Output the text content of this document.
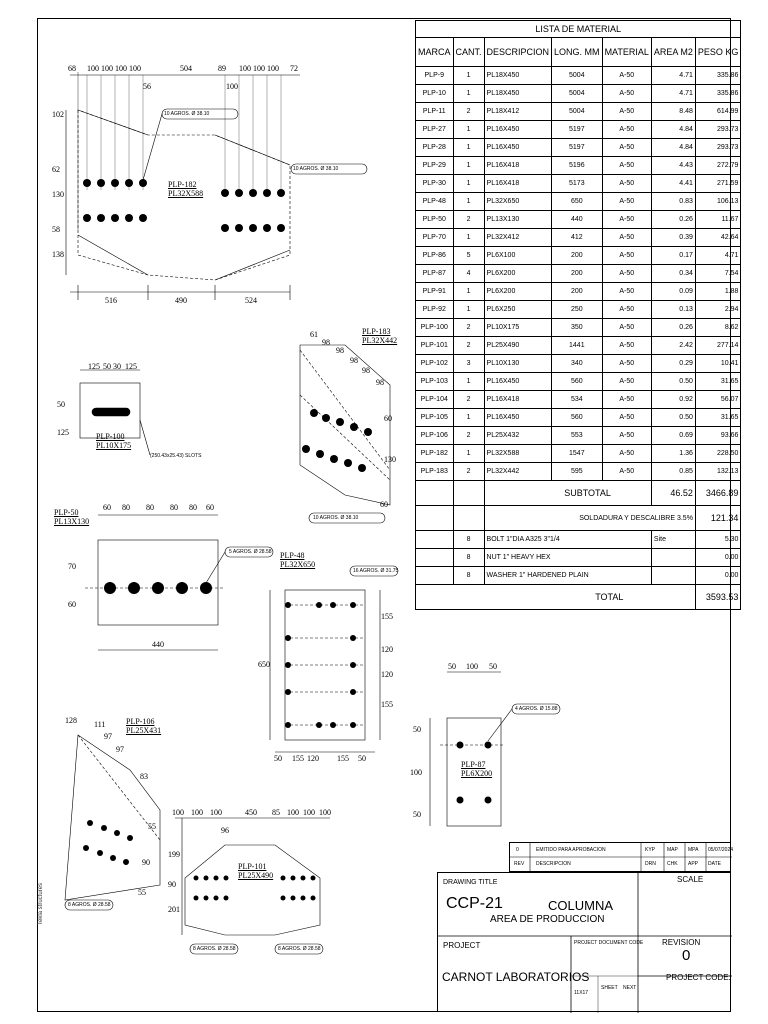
PLP-182
PL32X588
10 AGROS. Ø 38.10
10 AGROS. Ø 38.10
68 100 100 100 100	504	89 100 100 100 72
56	100
102
62
130
58
138
516	490	524
PLP-183
PL32X442
10 AGROS. Ø 38.10
61
98
98
98
98
98
60
130
60
PLP-100
PL10X175
(250.43x25.43) SLOTS
125 50 30 125
50
125
PLP-50
PL13X130
5 AGROS. Ø 28.58
60 80 80 80 80 60
70
60
440
PLP-48
PL32X650
16 AGROS. Ø 31.75
650
155
120
120
155
50 155 120 155 50
PLP-87
PL6X200
4 AGROS. Ø 15.88
50 100 50
50
100
50
PLP-106
PL25X431
8 AGROS. Ø 28.58
128 111
97
97
83
55
90
55
PLP-101
PL25X490
8 AGROS. Ø 28.58	8 AGROS. Ø 28.58
100 100 100	450 85 100 100 100
96
201
90
199
Tekla structures
LISTA DE MATERIAL						
MARCA	CANT.	DESCRIPCION	LONG. MM	MATERIAL	AREA M2	PESO KG
PLP-9	1	PL18X450	5004	A-50	4.71	335.86
PLP-10	1	PL18X450	5004	A-50	4.71	335.86
PLP-11	2	PL18X412	5004	A-50	8.48	614.99
PLP-27	1	PL16X450	5197	A-50	4.84	293.73
PLP-28	1	PL16X450	5197	A-50	4.84	293.73
PLP-29	1	PL16X418	5196	A-50	4.43	272.79
PLP-30	1	PL16X418	5173	A-50	4.41	271.59
PLP-48	1	PL32X650	650	A-50	0.83	106.13
PLP-50	2	PL13X130	440	A-50	0.26	11.67
PLP-70	1	PL32X412	412	A-50	0.39	42.64
PLP-86	5	PL6X100	200	A-50	0.17	4.71
PLP-87	4	PL6X200	200	A-50	0.34	7.54
PLP-91	1	PL6X200	200	A-50	0.09	1.88
PLP-92	1	PL6X250	250	A-50	0.13	2.94
PLP-100	2	PL10X175	350	A-50	0.26	8.62
PLP-101	2	PL25X490	1441	A-50	2.42	277.14
PLP-102	3	PL10X130	340	A-50	0.29	10.41
PLP-103	1	PL16X450	560	A-50	0.50	31.65
PLP-104	2	PL16X418	534	A-50	0.92	56.07
PLP-105	1	PL16X450	560	A-50	0.50	31.65
PLP-106	2	PL25X432	553	A-50	0.69	93.66
PLP-182	1	PL32X588	1547	A-50	1.36	228.50
PLP-183	2	PL32X442	595	A-50	0.85	132.13
		SUBTOTAL			46.52	3466.89
		SOLDADURA Y DESCALIBRE 3.5%				121.34
	8	BOLT 1"DIA A325 3"1/4			Site	5.30
	8	NUT 1" HEAVY HEX				0.00
	8	WASHER 1" HARDENED PLAIN				0.00
TOTAL						3593.53
0	EMITIDO PARA APROBACION	KYP MAP MPA 05/07/2024
REV DESCRIPCION	DRN CHK APP DATE
DRAWING TITLE
CCP-21	COLUMNA
AREA DE PRODUCCION
SCALE
PROJECT	PROJECT DOCUMENT CODE REVISION
0
CARNOT LABORATORIOS
11X17
SHEET NEXT
PROJECT CODE:
